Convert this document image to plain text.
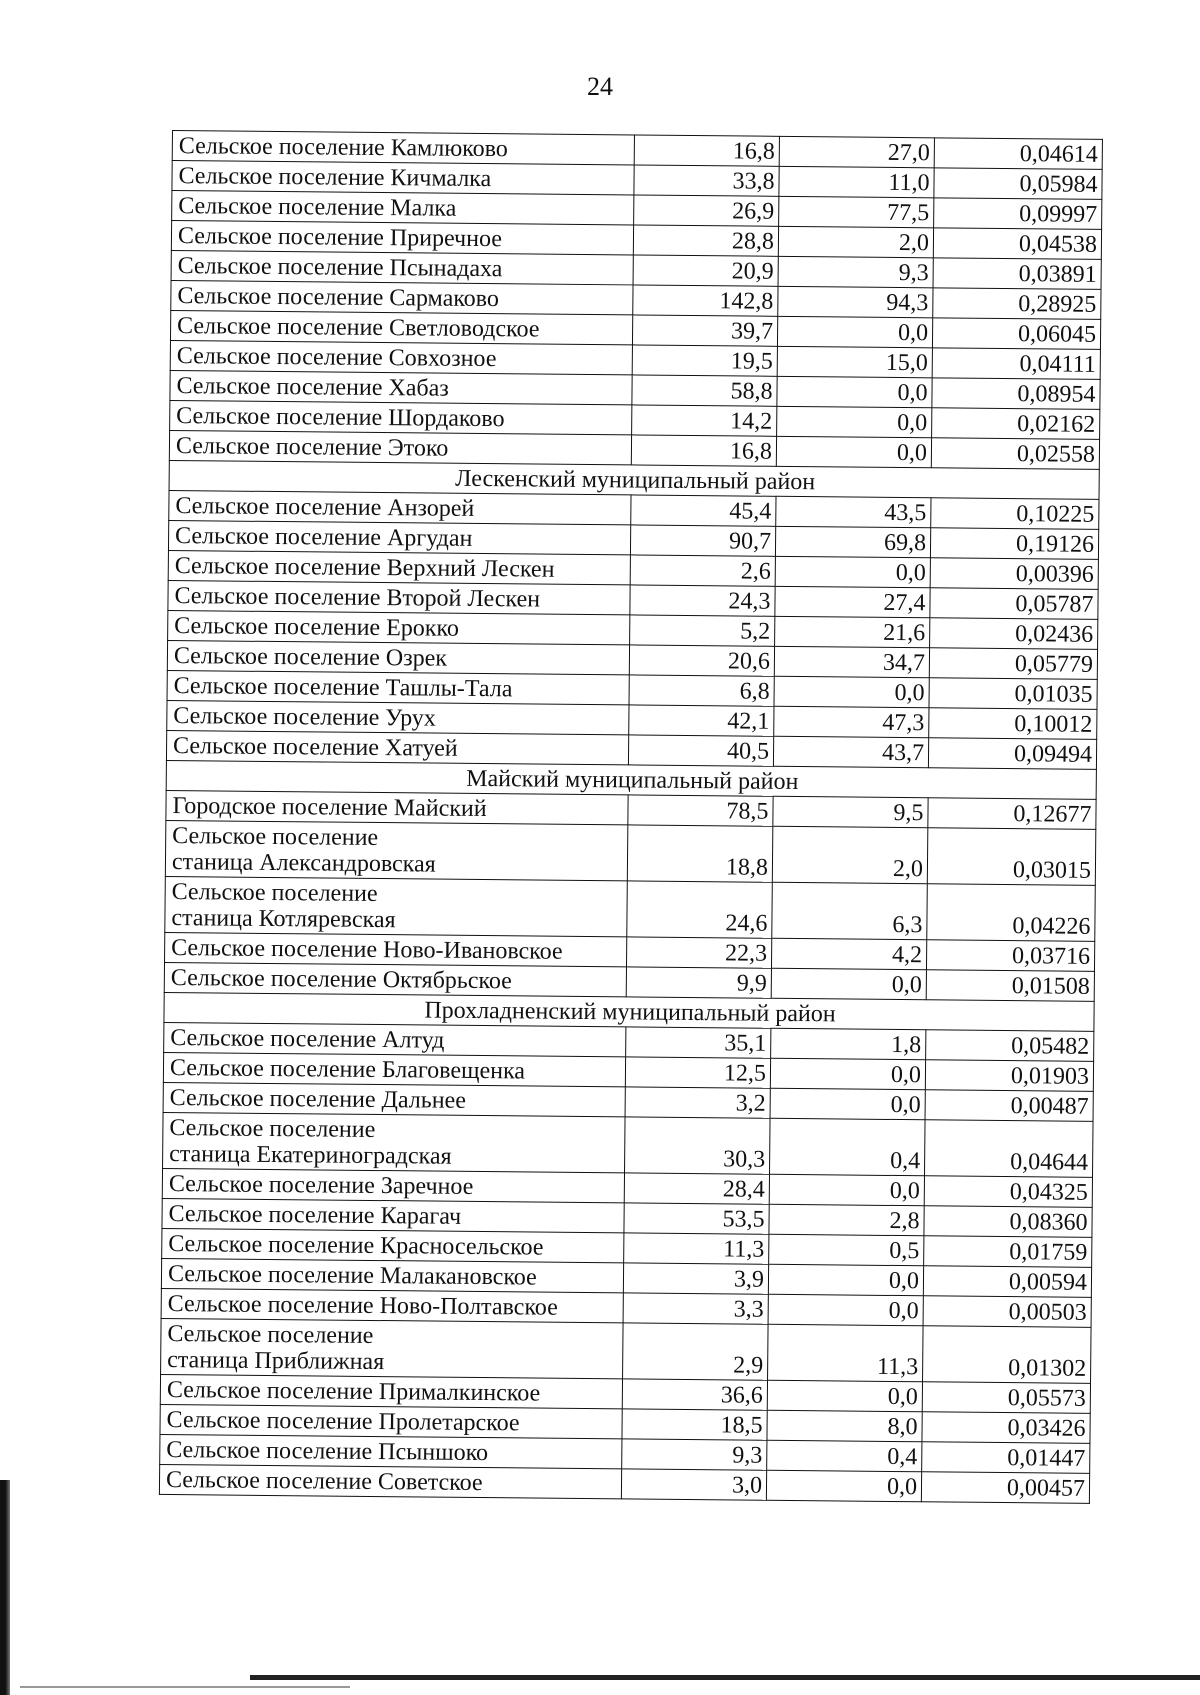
24
Сельское поселение Камлюково	16,8	27,0	0,04614
Сельское поселение Кичмалка	33,8	11,0	0,05984
Сельское поселение Малка	26,9	77,5	0,09997
Сельское поселение Приречное	28,8	2,0	0,04538
Сельское поселение Псынадаха	20,9	9,3	0,03891
Сельское поселение Сармаково	142,8	94,3	0,28925
Сельское поселение Светловодское	39,7	0,0	0,06045
Сельское поселение Совхозное	19,5	15,0	0,04111
Сельское поселение Хабаз	58,8	0,0	0,08954
Сельское поселение Шордаково	14,2	0,0	0,02162
Сельское поселение Этоко	16,8	0,0	0,02558
Лескенский муниципальный район			
Сельское поселение Анзорей	45,4	43,5	0,10225
Сельское поселение Аргудан	90,7	69,8	0,19126
Сельское поселение Верхний Лескен	2,6	0,0	0,00396
Сельское поселение Второй Лескен	24,3	27,4	0,05787
Сельское поселение Ерокко	5,2	21,6	0,02436
Сельское поселение Озрек	20,6	34,7	0,05779
Сельское поселение Ташлы-Тала	6,8	0,0	0,01035
Сельское поселение Урух	42,1	47,3	0,10012
Сельское поселение Хатуей	40,5	43,7	0,09494
Майский муниципальный район			
Городское поселение Майский	78,5	9,5	0,12677

Сельское поселение
станица Александровская	18,8	2,0	0,03015

Сельское поселение
станица Котляревская	24,6	6,3	0,04226
Сельское поселение Ново-Ивановское	22,3	4,2	0,03716
Сельское поселение Октябрьское	9,9	0,0	0,01508
Прохладненский муниципальный район			
Сельское поселение Алтуд	35,1	1,8	0,05482
Сельское поселение Благовещенка	12,5	0,0	0,01903
Сельское поселение Дальнее	3,2	0,0	0,00487

Сельское поселение
станица Екатериноградская	30,3	0,4	0,04644
Сельское поселение Заречное	28,4	0,0	0,04325
Сельское поселение Карагач	53,5	2,8	0,08360
Сельское поселение Красносельское	11,3	0,5	0,01759
Сельское поселение Малакановское	3,9	0,0	0,00594
Сельское поселение Ново-Полтавское	3,3	0,0	0,00503

Сельское поселение
станица Приближная	2,9	11,3	0,01302
Сельское поселение Прималкинское	36,6	0,0	0,05573
Сельское поселение Пролетарское	18,5	8,0	0,03426
Сельское поселение Псыншоко	9,3	0,4	0,01447
Сельское поселение Советское	3,0	0,0	0,00457
